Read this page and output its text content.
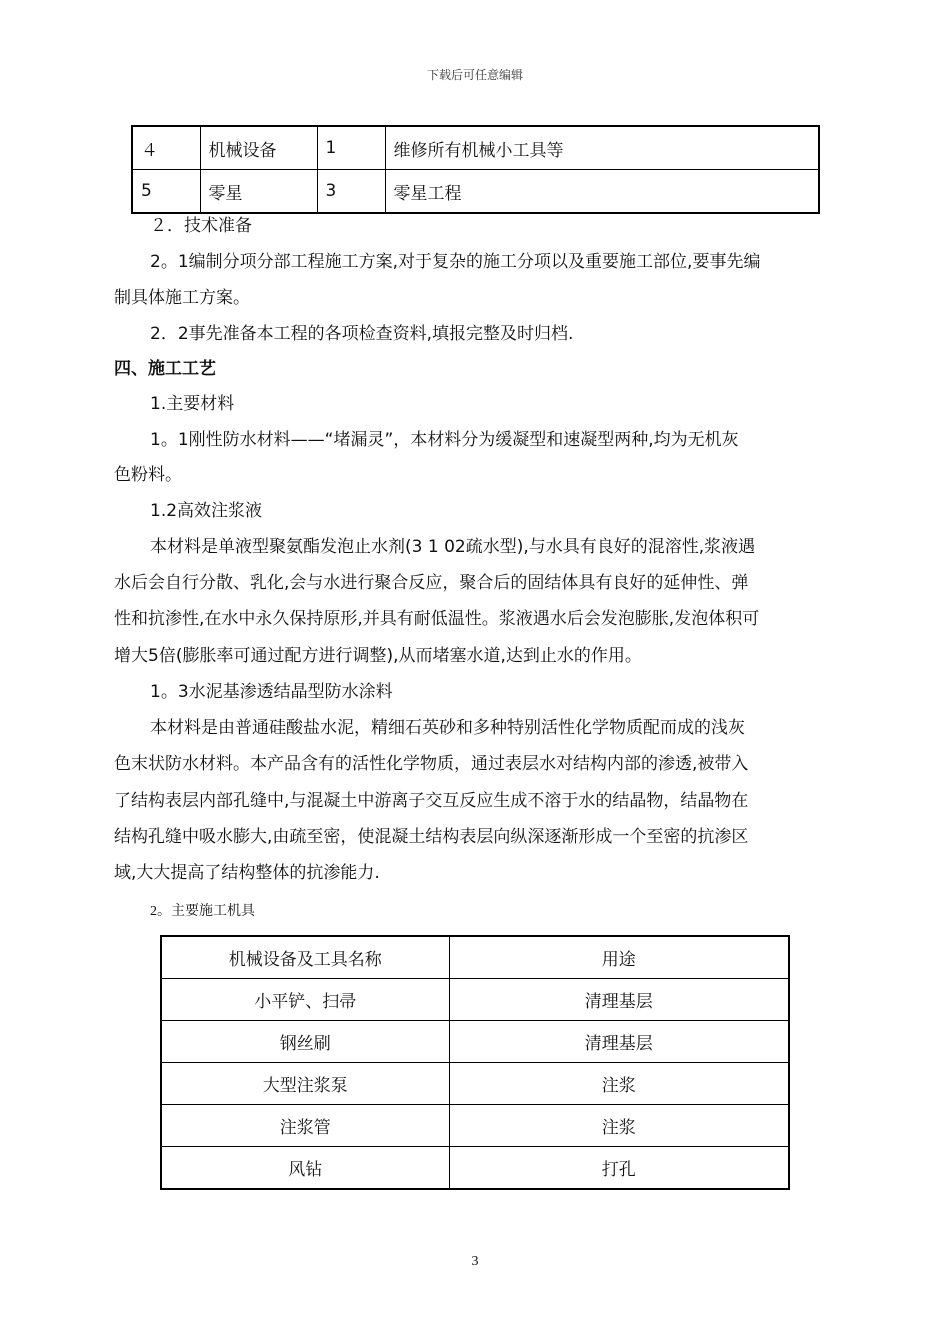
下载后可任意编辑
４	机械设备	1	维修所有机械小工具等
5	零星	3	零星工程
２．技术准备
2。1编制分项分部工程施工方案,对于复杂的施工分项以及重要施工部位,要事先编
制具体施工方案。
2．2事先准备本工程的各项检查资料,填报完整及时归档.
四、施工工艺
1.主要材料
1。1刚性防水材料——“堵漏灵”，本材料分为缓凝型和速凝型两种,均为无机灰
色粉料。
1.2高效注浆液
本材料是单液型聚氨酯发泡止水剂(3 1 02疏水型),与水具有良好的混溶性,浆液遇
水后会自行分散、乳化,会与水进行聚合反应，聚合后的固结体具有良好的延伸性、弹
性和抗渗性,在水中永久保持原形,并具有耐低温性。浆液遇水后会发泡膨胀,发泡体积可
增大5倍(膨胀率可通过配方进行调整),从而堵塞水道,达到止水的作用。
1。3水泥基渗透结晶型防水涂料
本材料是由普通硅酸盐水泥，精细石英砂和多种特别活性化学物质配而成的浅灰
色末状防水材料。本产品含有的活性化学物质，通过表层水对结构内部的渗透,被带入
了结构表层内部孔缝中,与混凝土中游离子交互反应生成不溶于水的结晶物，结晶物在
结构孔缝中吸水膨大,由疏至密，使混凝土结构表层向纵深逐渐形成一个至密的抗渗区
域,大大提高了结构整体的抗渗能力.
2。主要施工机具
机械设备及工具名称	用途
小平铲、扫帚	清理基层
钢丝刷	清理基层
大型注浆泵	注浆
注浆管	注浆
风钻	打孔
3
